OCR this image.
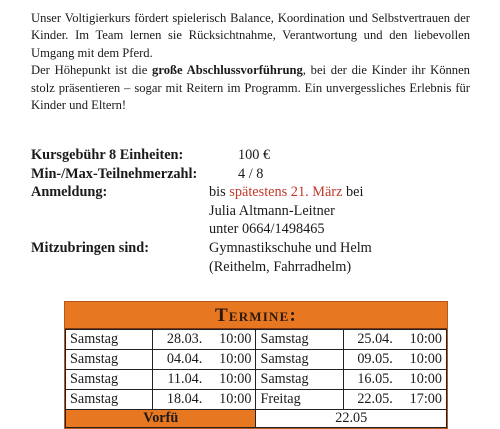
Unser Voltigierkurs fördert spielerisch Balance, Koordination und Selbstvertrauen der Kinder. Im Team lernen sie Rücksichtnahme, Verantwortung und den liebevollen Umgang mit dem Pferd.

Der Höhepunkt ist die große Abschlussvorführung, bei der die Kinder ihr Können stolz präsentieren – sogar mit Reitern im Programm. Ein unvergessliches Erlebnis für Kinder und Eltern!

Kursgebühr 8 Einheiten:	100 €
Min-/Max-Teilnehmerzahl:	4 / 8
Anmeldung:	bis spätestens 21. März bei
Julia Altmann-Leitner
unter 0664/1498465
Mitzubringen sind:	Gymnastikschuhe und Helm
(Reithelm, Fahrradhelm)
Termine:
Samstag	28.03.	10:00	Samstag	25.04.	10:00
Samstag	04.04.	10:00	Samstag	09.05.	10:00
Samstag	11.04.	10:00	Samstag	16.05.	10:00
Samstag	18.04.	10:00	Freitag	22.05.	17:00
Vorfü			22.05		
